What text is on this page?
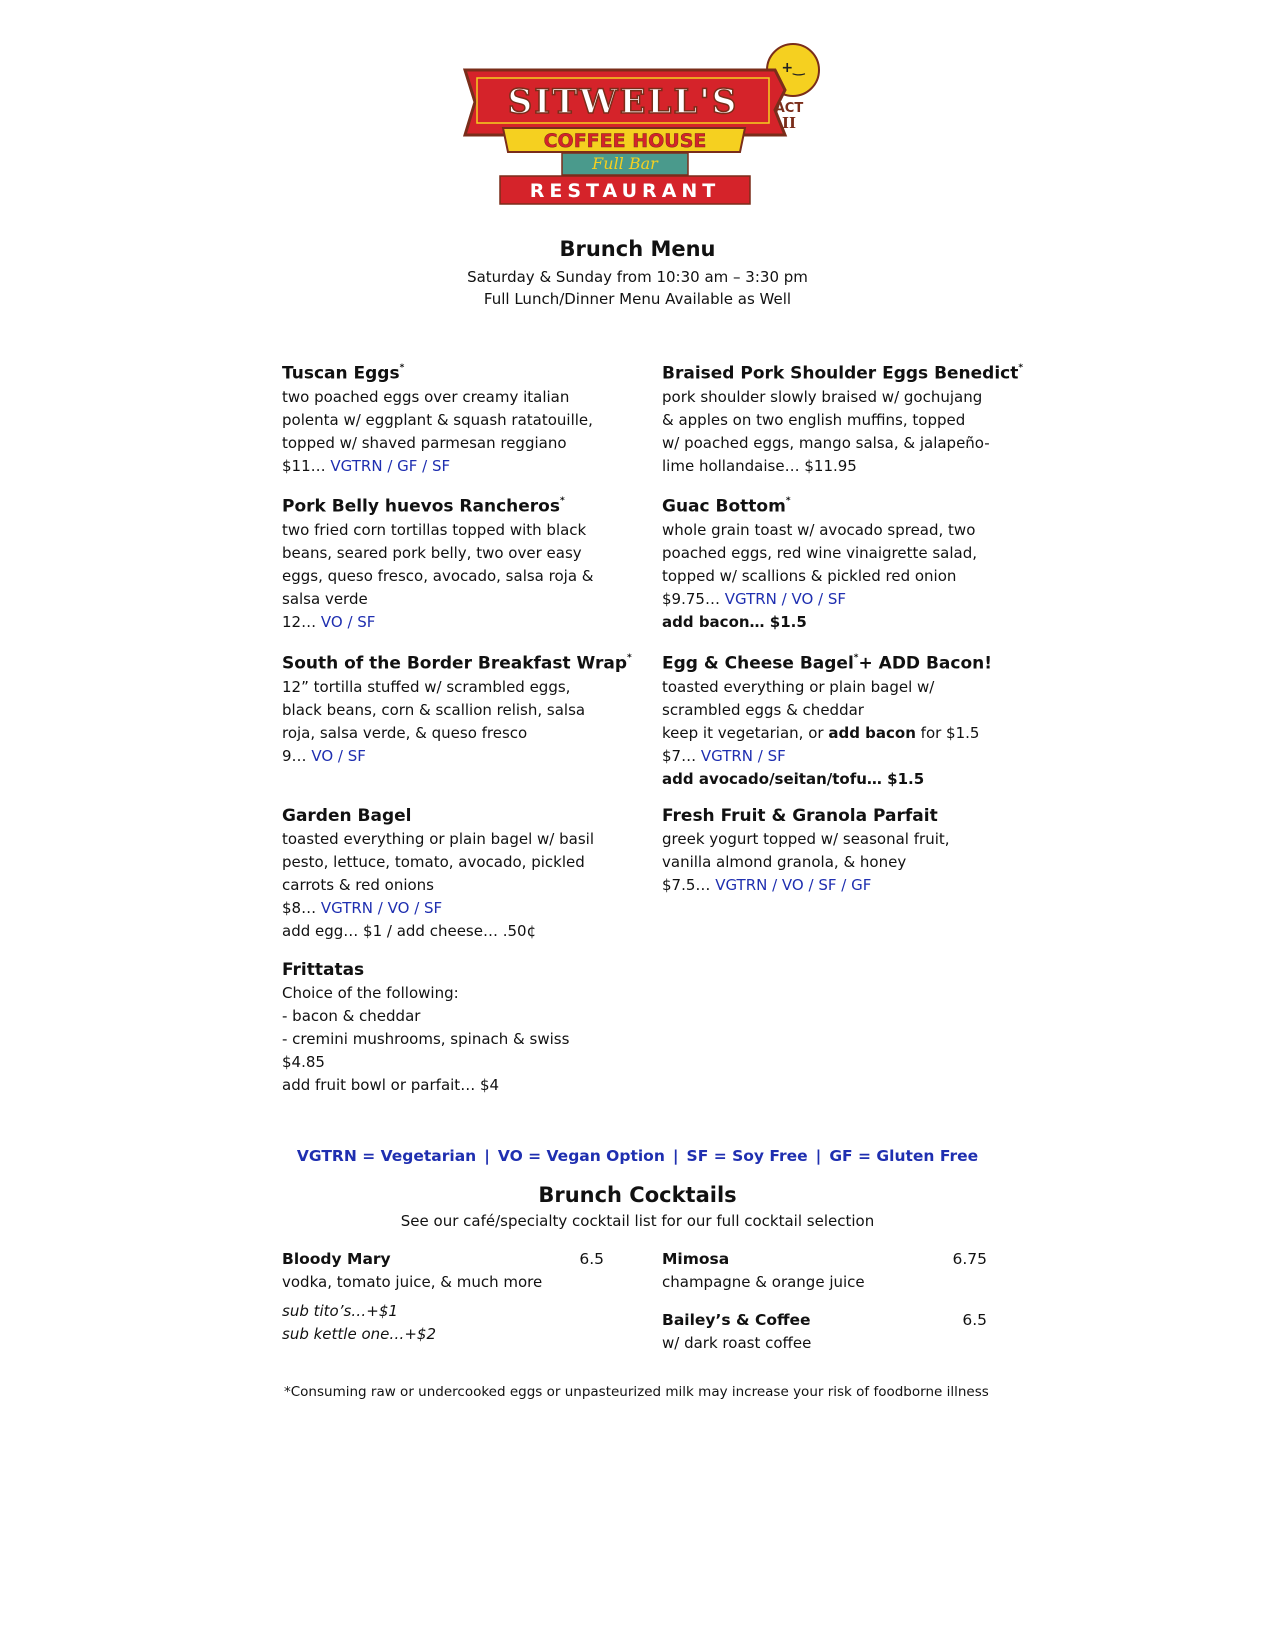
+‿
SITWELL'S	ACT
II
COFFEE HOUSE
Full Bar
RESTAURANT
Brunch Menu
Saturday & Sunday from 10:30 am – 3:30 pm
Full Lunch/Dinner Menu Available as Well
Tuscan Eggs*
two poached eggs over creamy italian
polenta w/ eggplant & squash ratatouille,
topped w/ shaved parmesan reggiano
$11… VGTRN / GF / SF
Pork Belly huevos Rancheros*
two fried corn tortillas topped with black
beans, seared pork belly, two over easy
eggs, queso fresco, avocado, salsa roja &
salsa verde
12… VO / SF
South of the Border Breakfast Wrap*
12” tortilla stuffed w/ scrambled eggs,
black beans, corn & scallion relish, salsa
roja, salsa verde, & queso fresco
9… VO / SF
Garden Bagel
toasted everything or plain bagel w/ basil
pesto, lettuce, tomato, avocado, pickled
carrots & red onions
$8… VGTRN / VO / SF
add egg… $1 / add cheese… .50¢
Frittatas
Choice of the following:
- bacon & cheddar
- cremini mushrooms, spinach & swiss
$4.85
add fruit bowl or parfait… $4
Braised Pork Shoulder Eggs Benedict*
pork shoulder slowly braised w/ gochujang
& apples on two english muffins, topped
w/ poached eggs, mango salsa, & jalapeño-
lime hollandaise… $11.95
Guac Bottom*
whole grain toast w/ avocado spread, two
poached eggs, red wine vinaigrette salad,
topped w/ scallions & pickled red onion
$9.75… VGTRN / VO / SF
add bacon… $1.5
Egg & Cheese Bagel*+ ADD Bacon!
toasted everything or plain bagel w/
scrambled eggs & cheddar
keep it vegetarian, or add bacon for $1.5
$7… VGTRN / SF
add avocado/seitan/tofu… $1.5
Fresh Fruit & Granola Parfait
greek yogurt topped w/ seasonal fruit,
vanilla almond granola, & honey
$7.5… VGTRN / VO / SF / GF
VGTRN = Vegetarian | VO = Vegan Option | SF = Soy Free | GF = Gluten Free
Brunch Cocktails
See our café/specialty cocktail list for our full cocktail selection
Bloody Mary	6.5
vodka, tomato juice, & much more
sub tito’s…+$1
sub kettle one…+$2
Mimosa	6.75
champagne & orange juice
Bailey’s & Coffee	6.5
w/ dark roast coffee
*Consuming raw or undercooked eggs or unpasteurized milk may increase your risk of foodborne illness
